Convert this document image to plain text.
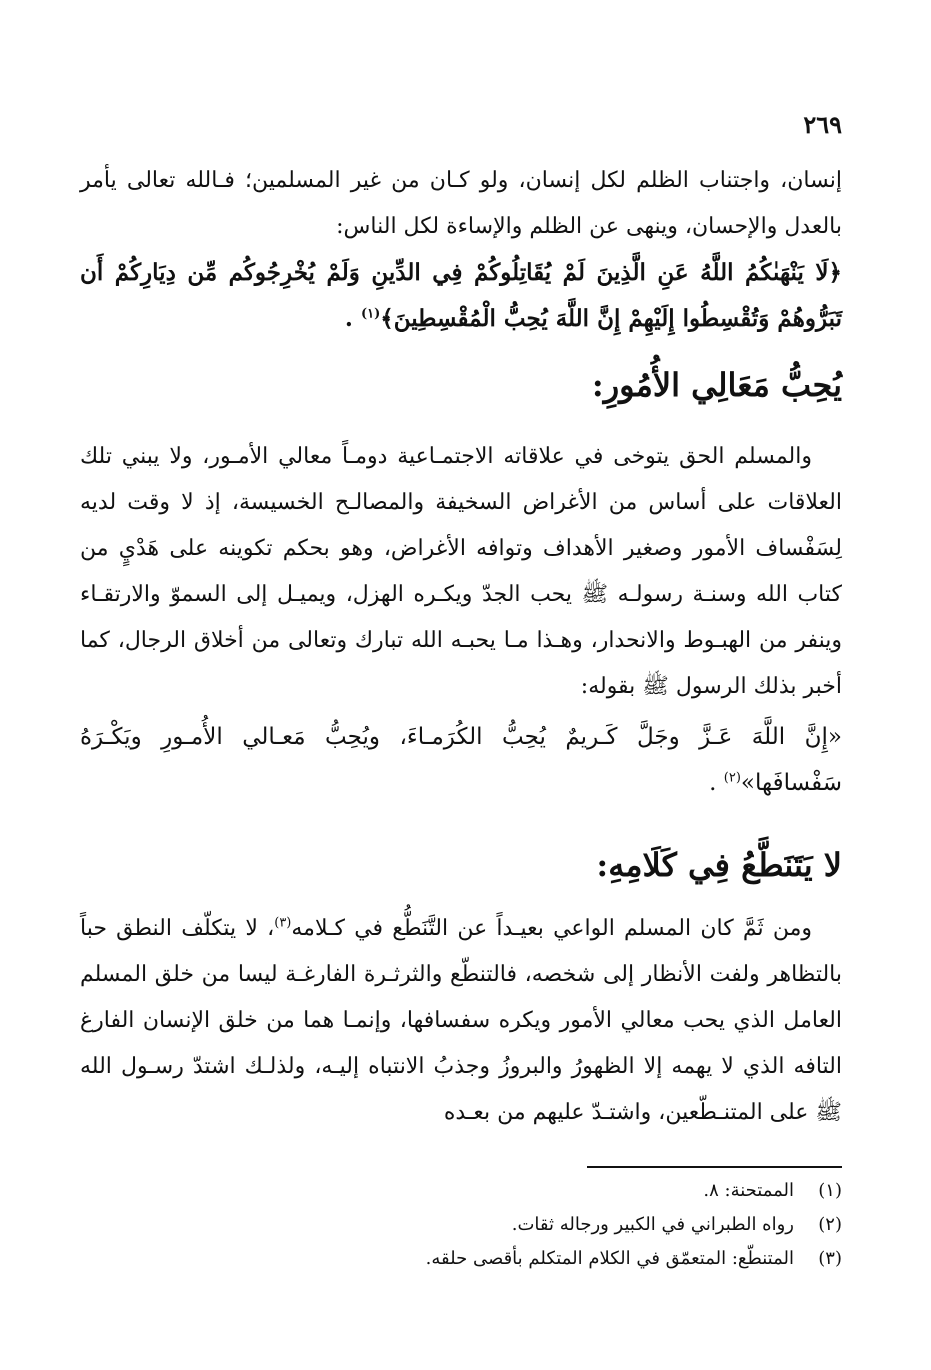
٢٦٩

إنسان، واجتناب الظلم لكل إنسان، ولو كـان من غير المسلمين؛ فـالله تعالى يأمر بالعدل والإحسان، وينهى عن الظلم والإساءة لكل الناس:

﴿لَا يَنْهَىٰكُمُ اللَّهُ عَنِ الَّذِينَ لَمْ يُقَاتِلُوكُمْ فِي الدِّينِ وَلَمْ يُخْرِجُوكُم مِّن دِيَارِكُمْ أَن تَبَرُّوهُمْ وَتُقْسِطُوا إِلَيْهِمْ إِنَّ اللَّهَ يُحِبُّ الْمُقْسِطِينَ﴾$^{(١)}$ .

يُحِبُّ مَعَالِي الأُمُورِ:

والمسلم الحق يتوخى في علاقاته الاجتمـاعية دومـاً معالي الأمـور، ولا يبني تلك العلاقات على أساس من الأغراض السخيفة والمصالـح الخسيسة، إذ لا وقت لديه لِسَفْساف الأمور وصغير الأهداف وتوافه الأغراض، وهو بحكم تكوينه على هَدْيٍ من كتاب الله وسنـة رسولـه ﷺ يحب الجدّ ويكـره الهزل، ويميـل إلى السموّ والارتقـاء وينفر من الهبـوط والانحدار، وهـذا مـا يحبـه الله تبارك وتعالى من أخلاق الرجال، كما أخبر بذلك الرسول ﷺ بقوله:

«إِنَّ اللَّهَ عَـزَّ وجَلَّ كَـريمٌ يُحِبُّ الكُرَمـاءَ، ويُحِبُّ مَعـالي الأُمـورِ ويَكْـرَهُ سَفْسافَها»$^{(٢)}$ .

لا يَتَنَطَّعُ فِي كَلَامِهِ:

ومن ثَمَّ كان المسلم الواعي بعيـداً عن التَّنَطُّع في كـلامه$^{(٣)}$، لا يتكلّف النطق حباً بالتظاهر ولفت الأنظار إلى شخصه، فالتنطّع والثرثـرة الفارغـة ليسا من خلق المسلم العامل الذي يحب معالي الأمور ويكره سفسافها، وإنمـا هما من خلق الإنسان الفارغ التافه الذي لا يهمه إلا الظهورُ والبروزُ وجذبُ الانتباه إليـه، ولذلـك اشتدّ رسـول الله ﷺ على المتنـطّعين، واشتـدّ عليهم من بعـده

(١)
الممتحنة: ٨.
(٢)
رواه الطبراني في الكبير ورجاله ثقات.
(٣)
المتنطّع: المتعمّق في الكلام المتكلم بأقصى حلقه.
